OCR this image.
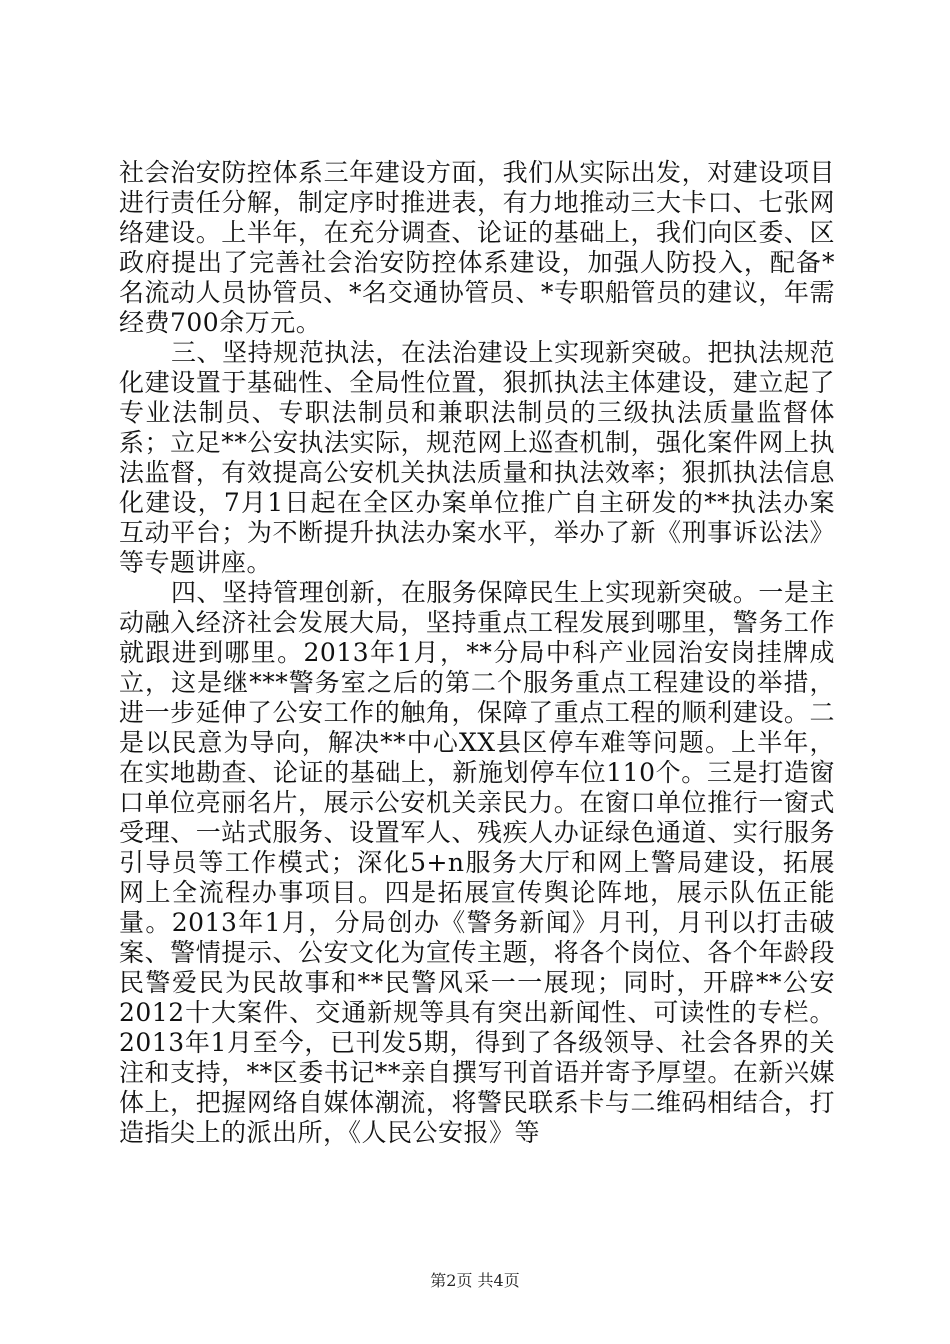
社会治安防控体系三年建设方面，我们从实际出发，对建设项目进行责任分解，制定序时推进表，有力地推动三大卡口、七张网络建设。上半年，在充分调查、论证的基础上，我们向区委、区政府提出了完善社会治安防控体系建设，加强人防投入，配备*名流动人员协管员、*名交通协管员、*专职船管员的建议，年需经费700余万元。

三、坚持规范执法，在法治建设上实现新突破。把执法规范化建设置于基础性、全局性位置，狠抓执法主体建设，建立起了专业法制员、专职法制员和兼职法制员的三级执法质量监督体系；立足**公安执法实际，规范网上巡查机制，强化案件网上执法监督，有效提高公安机关执法质量和执法效率；狠抓执法信息化建设，7月1日起在全区办案单位推广自主研发的**执法办案互动平台；为不断提升执法办案水平，举办了新《刑事诉讼法》等专题讲座。

四、坚持管理创新，在服务保障民生上实现新突破。一是主动融入经济社会发展大局，坚持重点工程发展到哪里，警务工作就跟进到哪里。2013年1月，**分局中科产业园治安岗挂牌成立，这是继***警务室之后的第二个服务重点工程建设的举措，进一步延伸了公安工作的触角，保障了重点工程的顺利建设。二是以民意为导向，解决**中心XX县区停车难等问题。上半年，在实地勘查、论证的基础上，新施划停车位110个。三是打造窗口单位亮丽名片，展示公安机关亲民力。在窗口单位推行一窗式受理、一站式服务、设置军人、残疾人办证绿色通道、实行服务引导员等工作模式；深化5+n服务大厅和网上警局建设，拓展网上全流程办事项目。四是拓展宣传舆论阵地，展示队伍正能量。2013年1月，分局创办《警务新闻》月刊，月刊以打击破案、警情提示、公安文化为宣传主题，将各个岗位、各个年龄段民警爱民为民故事和**民警风采一一展现；同时，开辟**公安2012十大案件、交通新规等具有突出新闻性、可读性的专栏。2013年1月至今，已刊发5期，得到了各级领导、社会各界的关注和支持，**区委书记**亲自撰写刊首语并寄予厚望。在新兴媒体上，把握网络自媒体潮流，将警民联系卡与二维码相结合，打造指尖上的派出所，《人民公安报》等

第2页 共4页
